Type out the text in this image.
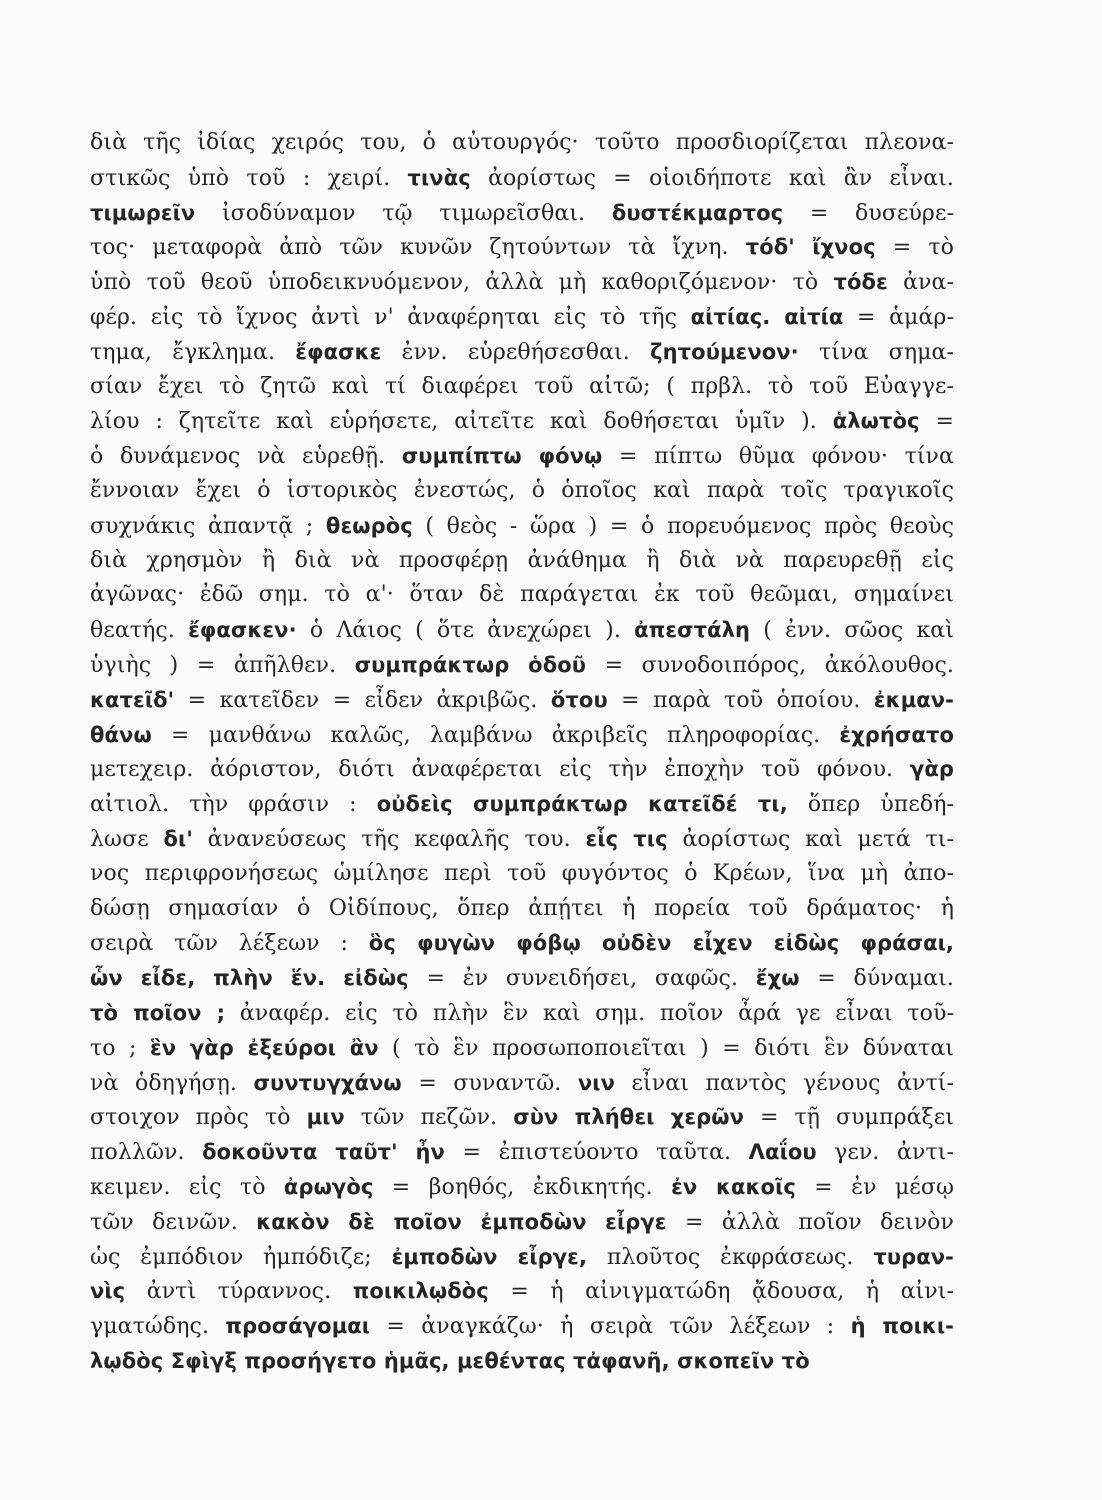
διὰ τῆς ἰδίας χειρός του, ὁ αὐτουργός· τοῦτο προσδιορίζεται πλεονα-
στικῶς ὑπὸ τοῦ : χειρί. τινὰς ἀορίστως = οἱοιδήποτε καὶ ἂν εἶναι.
τιμωρεῖν ἰσοδύναμον τῷ τιμωρεῖσθαι. δυστέκμαρτος = δυσεύρε-
τος· μεταφορὰ ἀπὸ τῶν κυνῶν ζητούντων τὰ ἴχνη. τόδ' ἴχνος = τὸ
ὑπὸ τοῦ θεοῦ ὑποδεικνυόμενον, ἀλλὰ μὴ καθοριζόμενον· τὸ τόδε ἀνα-
φέρ. εἰς τὸ ἴχνος ἀντὶ ν' ἀναφέρηται εἰς τὸ τῆς αἰτίας. αἰτία = ἁμάρ-
τημα, ἔγκλημα. ἔφασκε ἐνν. εὑρεθήσεσθαι. ζητούμενον· τίνα σημα-
σίαν ἔχει τὸ ζητῶ καὶ τί διαφέρει τοῦ αἰτῶ; ( πρβλ. τὸ τοῦ Εὐαγγε-
λίου : ζητεῖτε καὶ εὑρήσετε, αἰτεῖτε καὶ δοθήσεται ὑμῖν ). ἁλωτὸς =
ὁ δυνάμενος νὰ εὑρεθῇ. συμπίπτω φόνῳ = πίπτω θῦμα φόνου· τίνα
ἔννοιαν ἔχει ὁ ἱστορικὸς ἐνεστώς, ὁ ὁποῖος καὶ παρὰ τοῖς τραγικοῖς
συχνάκις ἀπαντᾷ ; θεωρὸς ( θεὸς - ὥρα ) = ὁ πορευόμενος πρὸς θεοὺς
διὰ χρησμὸν ἢ διὰ νὰ προσφέρῃ ἀνάθημα ἢ διὰ νὰ παρευρεθῇ εἰς
ἀγῶνας· ἐδῶ σημ. τὸ α'· ὅταν δὲ παράγεται ἐκ τοῦ θεῶμαι, σημαίνει
θεατής. ἔφασκεν· ὁ Λάιος ( ὅτε ἀνεχώρει ). ἀπεστάλη ( ἐνν. σῶος καὶ
ὑγιὴς ) = ἀπῆλθεν. συμπράκτωρ ὁδοῦ = συνοδοιπόρος, ἀκόλουθος.
κατεῖδ' = κατεῖδεν = εἶδεν ἀκριβῶς. ὅτου = παρὰ τοῦ ὁποίου. ἐκμαν-
θάνω = μανθάνω καλῶς, λαμβάνω ἀκριβεῖς πληροφορίας. ἐχρήσατο
μετεχειρ. ἀόριστον, διότι ἀναφέρεται εἰς τὴν ἐποχὴν τοῦ φόνου. γὰρ
αἰτιολ. τὴν φράσιν : οὐδεὶς συμπράκτωρ κατεῖδέ τι, ὅπερ ὑπεδή-
λωσε δι' ἀνανεύσεως τῆς κεφαλῆς του. εἷς τις ἀορίστως καὶ μετά τι-
νος περιφρονήσεως ὡμίλησε περὶ τοῦ φυγόντος ὁ Κρέων, ἵνα μὴ ἀπο-
δώσῃ σημασίαν ὁ Οἰδίπους, ὅπερ ἀπῄτει ἡ πορεία τοῦ δράματος· ἡ
σειρὰ τῶν λέξεων : ὃς φυγὼν φόβῳ οὐδὲν εἶχεν εἰδὼς φράσαι,
ὧν εἶδε, πλὴν ἕν. εἰδὼς = ἐν συνειδήσει, σαφῶς. ἔχω = δύναμαι.
τὸ ποῖον ; ἀναφέρ. εἰς τὸ πλὴν ἓν καὶ σημ. ποῖον ἆρά γε εἶναι τοῦ-
το ; ἓν γὰρ ἐξεύροι ἂν ( τὸ ἓν προσωποποιεῖται ) = διότι ἓν δύναται
νὰ ὁδηγήσῃ. συντυγχάνω = συναντῶ. νιν εἶναι παντὸς γένους ἀντί-
στοιχον πρὸς τὸ μιν τῶν πεζῶν. σὺν πλήθει χερῶν = τῇ συμπράξει
πολλῶν. δοκοῦντα ταῦτ' ἦν = ἐπιστεύοντο ταῦτα. Λαΐου γεν. ἀντι-
κειμεν. εἰς τὸ ἀρωγὸς = βοηθός, ἐκδικητής. ἐν κακοῖς = ἐν μέσῳ
τῶν δεινῶν. κακὸν δὲ ποῖον ἐμποδὼν εἶργε = ἀλλὰ ποῖον δεινὸν
ὡς ἐμπόδιον ἠμπόδιζε; ἐμποδὼν εἶργε, πλοῦτος ἐκφράσεως. τυραν-
νὶς ἀντὶ τύραννος. ποικιλῳδὸς = ἡ αἰνιγματώδη ᾄδουσα, ἡ αἰνι-
γματώδης. προσάγομαι = ἀναγκάζω· ἡ σειρὰ τῶν λέξεων : ἡ ποικι-
λῳδὸς Σφὶγξ προσήγετο ἡμᾶς, μεθέντας τἀφανῆ, σκοπεῖν τὸ
